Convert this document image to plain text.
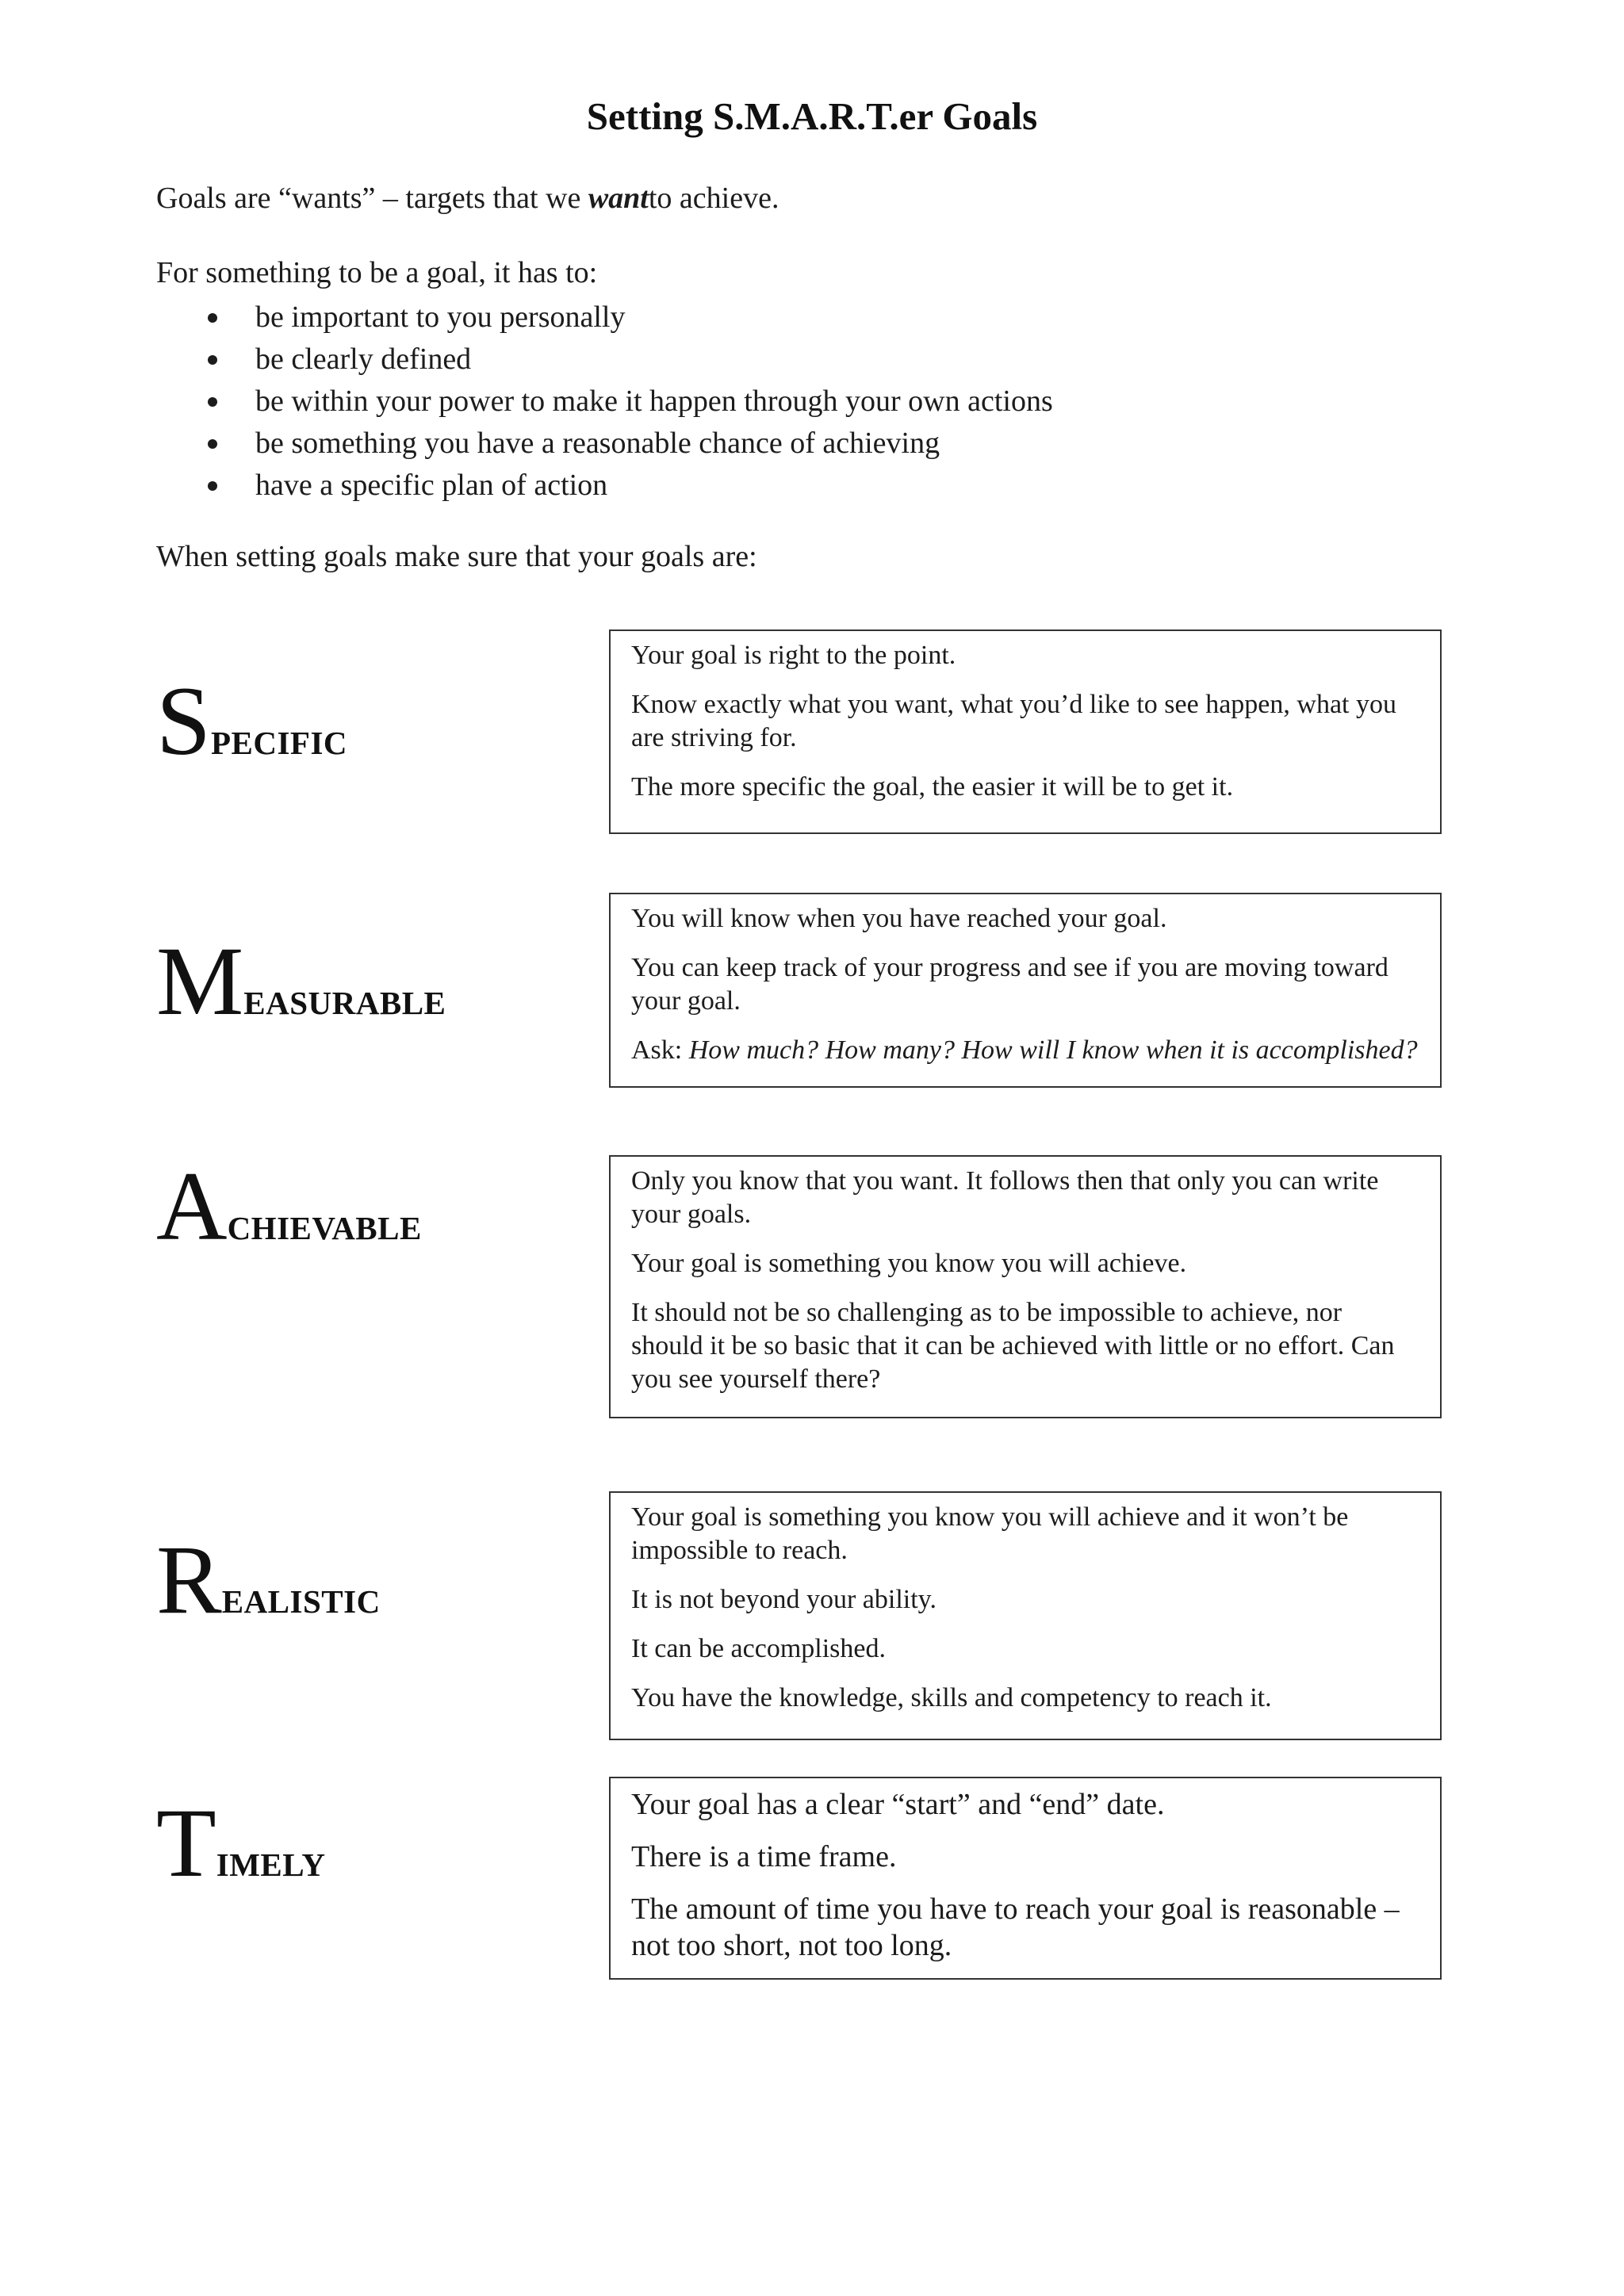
Setting S.M.A.R.T.er Goals

Goals are “wants” – targets that we wantto achieve.

For something to be a goal, it has to:

be important to you personally
be clearly defined
be within your power to make it happen through your own actions
be something you have a reasonable chance of achieving
have a specific plan of action

When setting goals make sure that your goals are:

SPECIFIC

Your goal is right to the point.

Know exactly what you want, what you’d like to see happen, what you are striving for.

The more specific the goal, the easier it will be to get it.

MEASURABLE

You will know when you have reached your goal.

You can keep track of your progress and see if you are moving toward your goal.

Ask: How much? How many? How will I know when it is accomplished?

ACHIEVABLE

Only you know that you want. It follows then that only you can write your goals.

Your goal is something you know you will achieve.

It should not be so challenging as to be impossible to achieve, nor should it be so basic that it can be achieved with little or no effort. Can you see yourself there?

REALISTIC

Your goal is something you know you will achieve and it won’t be impossible to reach.

It is not beyond your ability.

It can be accomplished.

You have the knowledge, skills and competency to reach it.

TIMELY

Your goal has a clear “start” and “end” date.

There is a time frame.

The amount of time you have to reach your goal is reasonable – not too short, not too long.
